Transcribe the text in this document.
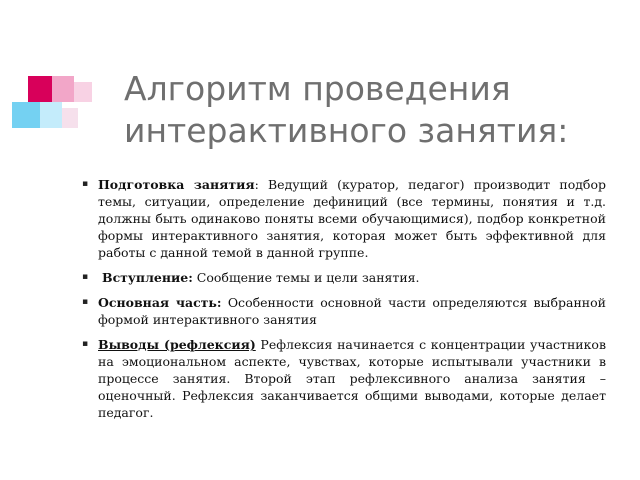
Алгоритм проведения интерактивного занятия:
▪ Подготовка занятия: Ведущий (куратор, педагог) производит подбор темы, ситуации, определение дефиниций (все термины, понятия и т.д. должны быть одинаково поняты всеми обучающимися), подбор конкретной формы интерактивного занятия, которая может быть эффективной для работы с данной темой в данной группе.
▪ Вступление: Сообщение темы и цели занятия.
▪ Основная часть: Особенности основной части определяются выбранной формой интерактивного занятия
▪ Выводы (рефлексия) Рефлексия начинается с концентрации участников на эмоциональном аспекте, чувствах, которые испытывали участники в процессе занятия. Второй этап рефлексивного анализа занятия – оценочный. Рефлексия заканчивается общими выводами, которые делает педагог.
